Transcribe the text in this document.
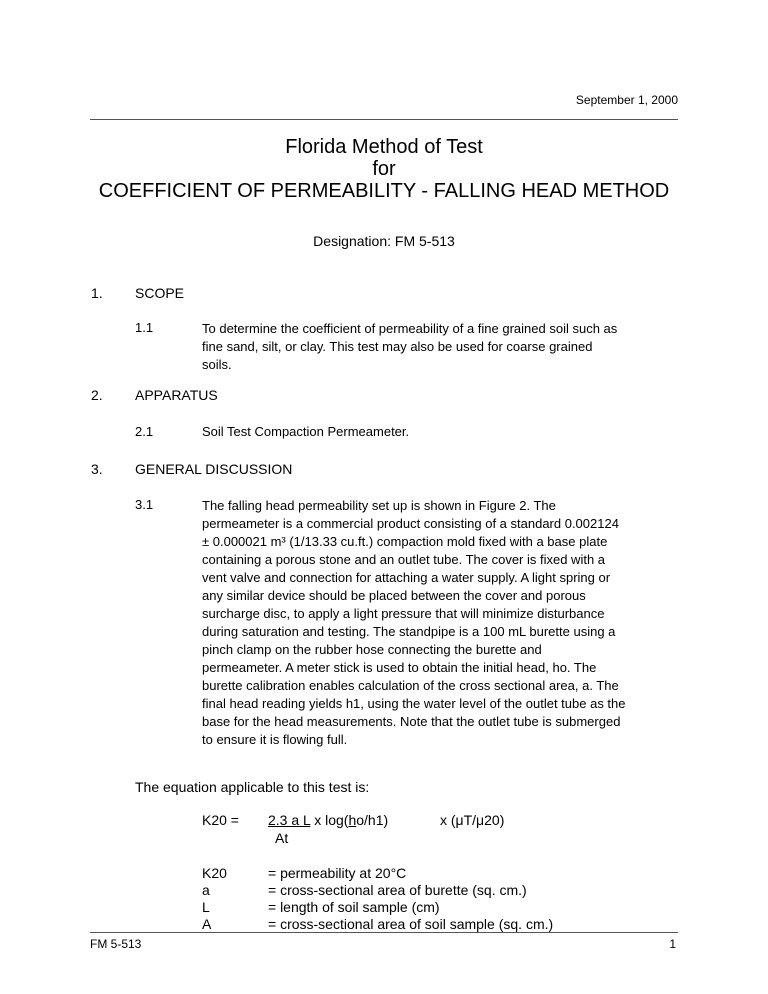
September 1, 2000
Florida Method of Test
for
COEFFICIENT OF PERMEABILITY - FALLING HEAD METHOD
Designation: FM 5-513
1. SCOPE
1.1	To determine the coefficient of permeability of a fine grained soil such as
fine sand, silt, or clay. This test may also be used for coarse grained
soils.
2. APPARATUS
2.1	Soil Test Compaction Permeameter.
3. GENERAL DISCUSSION
3.1	The falling head permeability set up is shown in Figure 2. The
permeameter is a commercial product consisting of a standard 0.002124
± 0.000021 m³ (1/13.33 cu.ft.) compaction mold fixed with a base plate
containing a porous stone and an outlet tube. The cover is fixed with a
vent valve and connection for attaching a water supply. A light spring or
any similar device should be placed between the cover and porous
surcharge disc, to apply a light pressure that will minimize disturbance
during saturation and testing. The standpipe is a 100 mL burette using a
pinch clamp on the rubber hose connecting the burette and
permeameter. A meter stick is used to obtain the initial head, ho. The
burette calibration enables calculation of the cross sectional area, a. The
final head reading yields h1, using the water level of the outlet tube as the
base for the head measurements. Note that the outlet tube is submerged
to ensure it is flowing full.
The equation applicable to this test is:
K20 = 2.3 a L x log(ho/h1)	x (μT/μ20)
At
K20	= permeability at 20°C
a	= cross-sectional area of burette (sq. cm.)
L	= length of soil sample (cm)
A	= cross-sectional area of soil sample (sq. cm.)
FM 5-513	1
